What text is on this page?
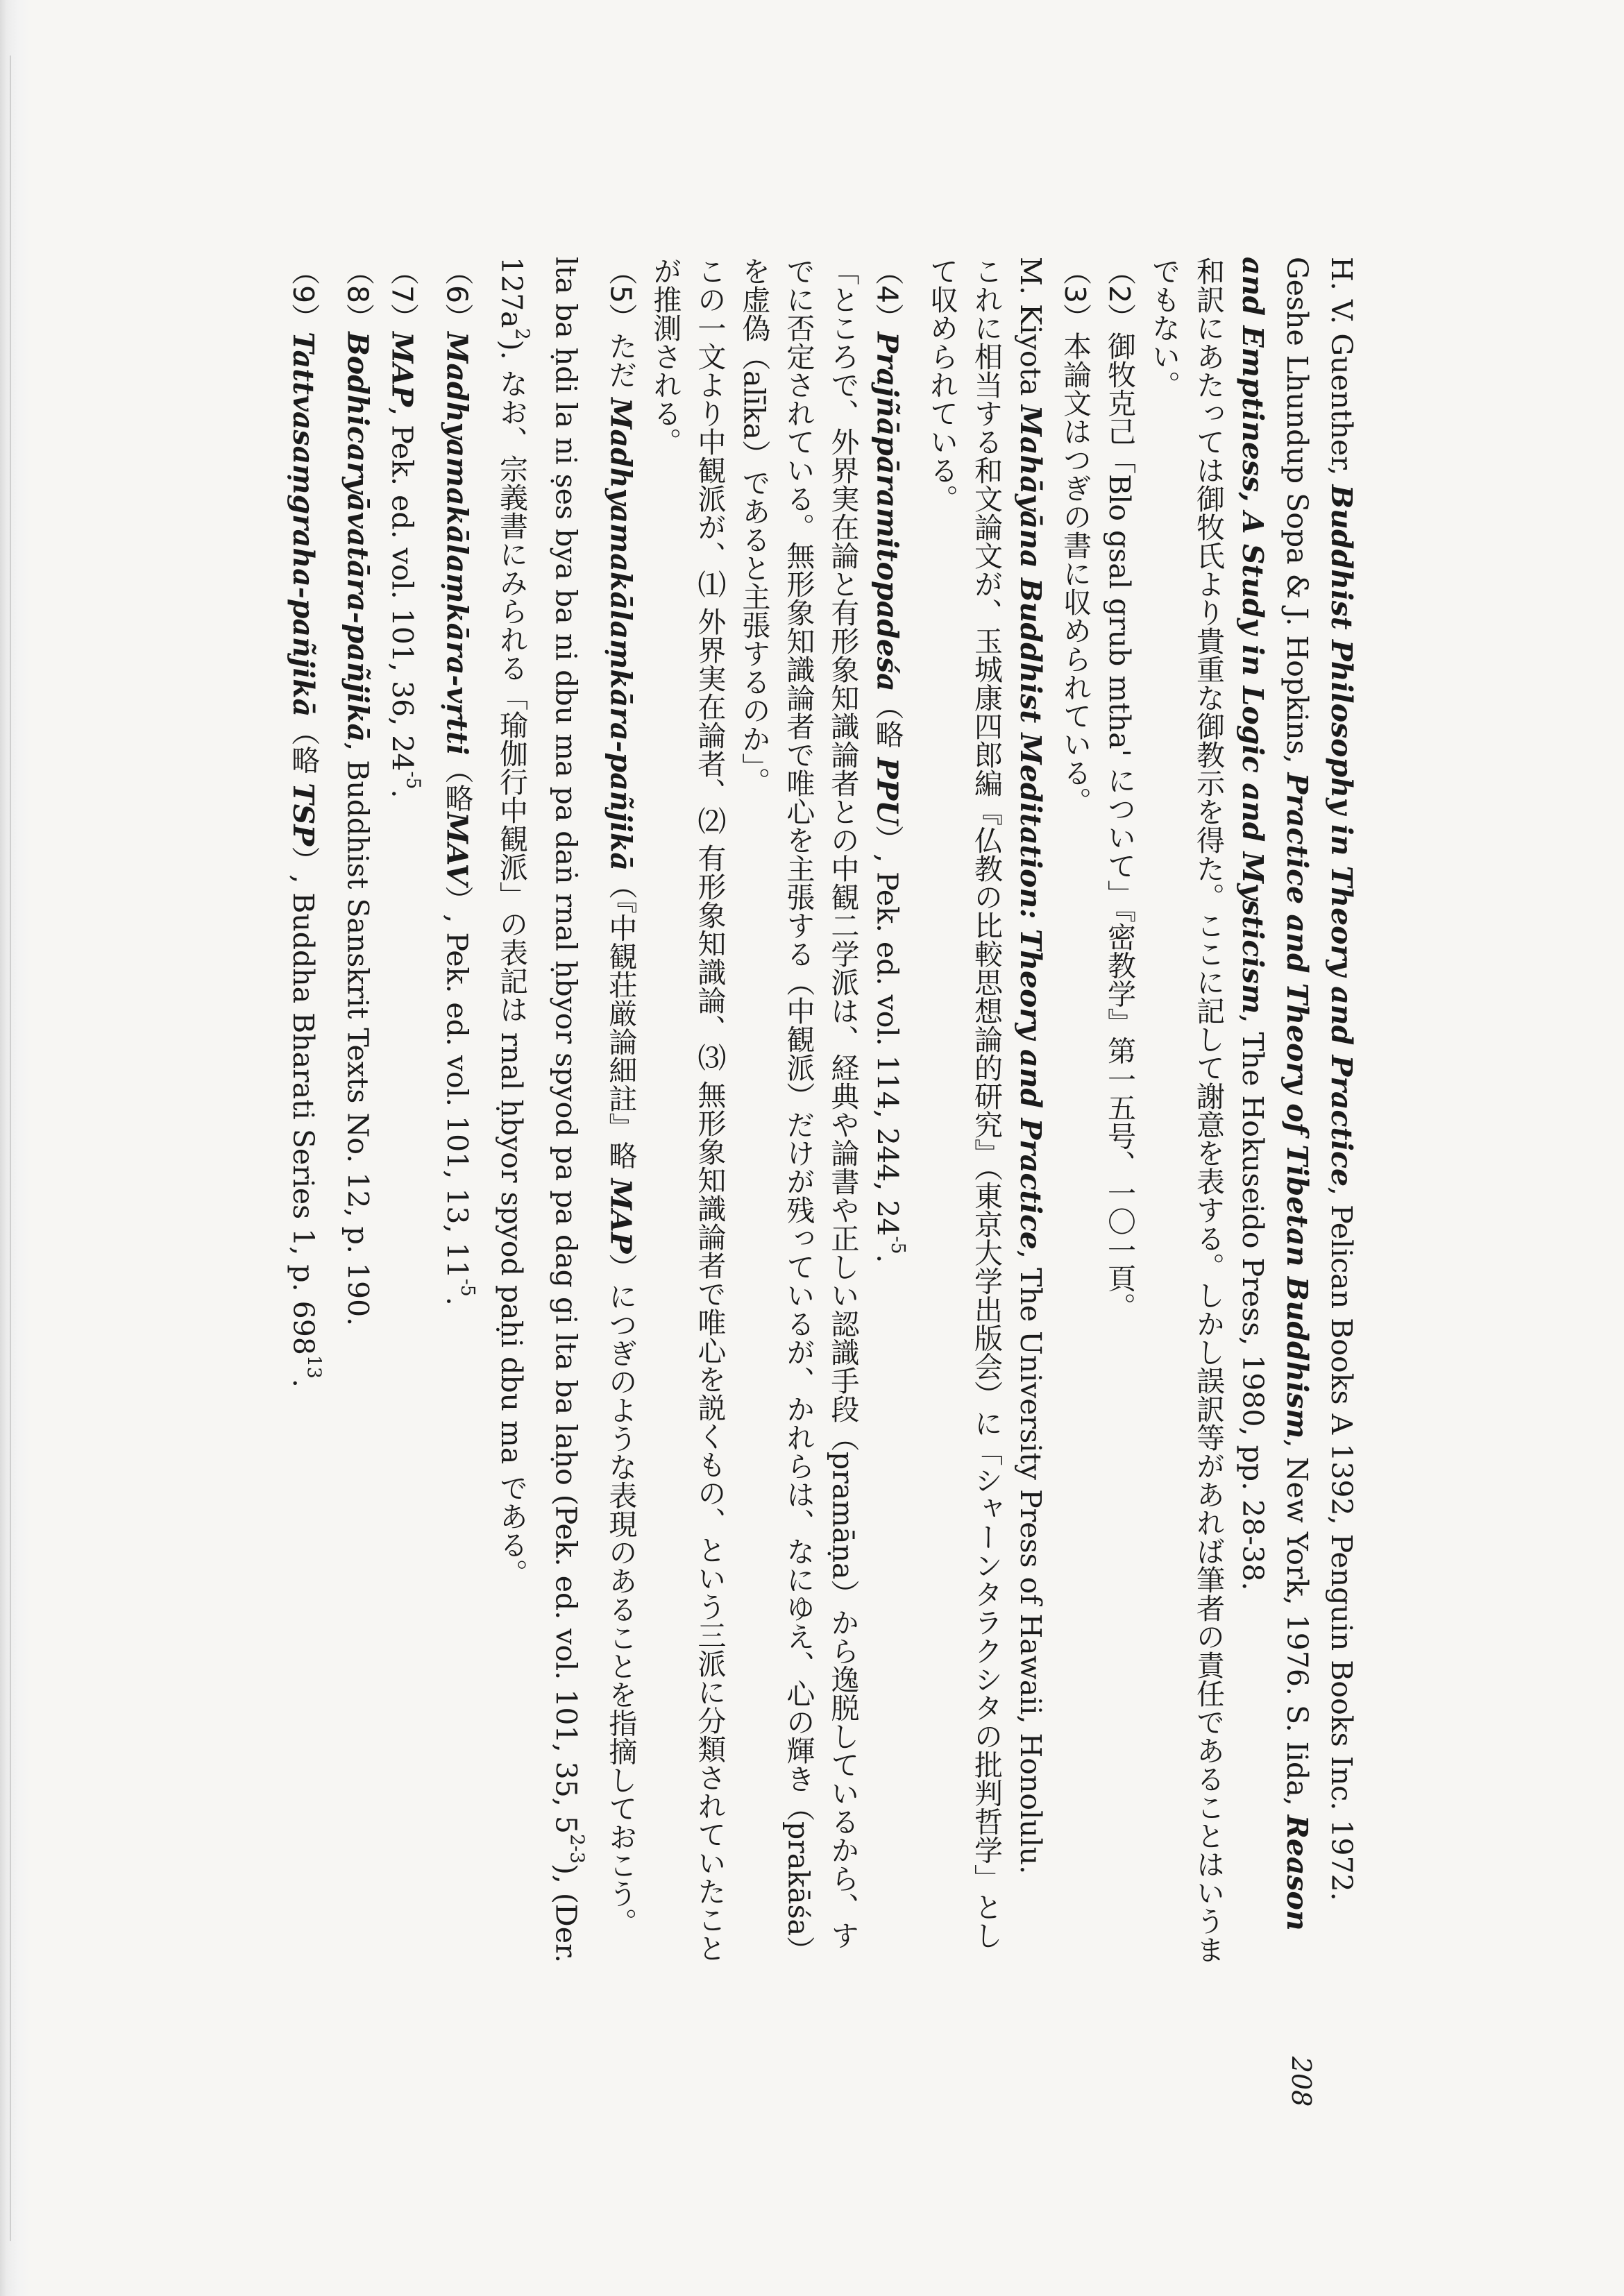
208
H. V. Guenther, Buddhist Philosophy in Theory and Practice, Pelican Books A 1392, Penguin Books Inc. 1972. Geshe Lhundup Sopa & J. Hopkins, Practice and Theory of Tibetan Buddhism, New York, 1976. S. Iida, Reason and Emptiness, A Study in Logic and Mysticism, The Hokuseido Press, 1980, pp. 28-38.
和訳にあたっては御牧氏より貴重な御教示を得た。ここに記して謝意を表する。しかし誤訳等があれば筆者の責任であることはいうまでもない。
（2）御牧克己「Blo gsal grub mtha' について」『密教学』第一五号、一〇一頁。
（3）本論文はつぎの書に収められている。
M. Kiyota Mahāyāna Buddhist Meditation: Theory and Practice, The University Press of Hawaii, Honolulu.
これに相当する和文論文が、玉城康四郎編『仏教の比較思想論的研究』（東京大学出版会）に「シャーンタラクシタの批判哲学」として収められている。
（4）Prajñāpāramitopadeśa（略 PPU）, Pek. ed. vol. 114, 244, $24^{-5}$.
「ところで、外界実在論と有形象知識論者との中観二学派は、経典や論書や正しい認識手段（pramāṇa）から逸脱しているから、すでに否定されている。無形象知識論者で唯心を主張する（中観派）だけが残っているが、かれらは、なにゆえ、心の輝き（prakāśa）を虚偽（alīka）であると主張するのか」。
この一文より中観派が、⑴ 外界実在論者、⑵ 有形象知識論、⑶ 無形象知識論者で唯心を説くもの、という三派に分類されていたことが推測される。
（5）ただ Madhyamakālaṃkāra-pañjikā（『中観荘厳論細註』略 MAP）につぎのような表現のあることを指摘しておこう。
lta ba ḥdi la ni ṣes bya ba ni dbu ma pa daṅ rnal ḥbyor spyod pa pa dag gi lta ba laḥo (Pek. ed. vol. 101, 35, 5$^{2-3}$), (Der. $127a^2$). なお、宗義書にみられる「瑜伽行中観派」の表記は rnal ḥbyor spyod paḥi dbu ma である。
（6）Madhyamakālaṃkāra-vṛtti（略MAV）, Pek. ed. vol. 101, 13, $11^{-5}$.
（7）MAP, Pek. ed. vol. 101, 36, $24^{-5}$.
（8）Bodhicaryāvatāra-pañjikā, Buddhist Sanskrit Texts No. 12, p. 190.
（9）Tattvasaṃgraha-pañjikā（略 TSP）, Buddha Bharati Series 1, p. $698^{13}$.
